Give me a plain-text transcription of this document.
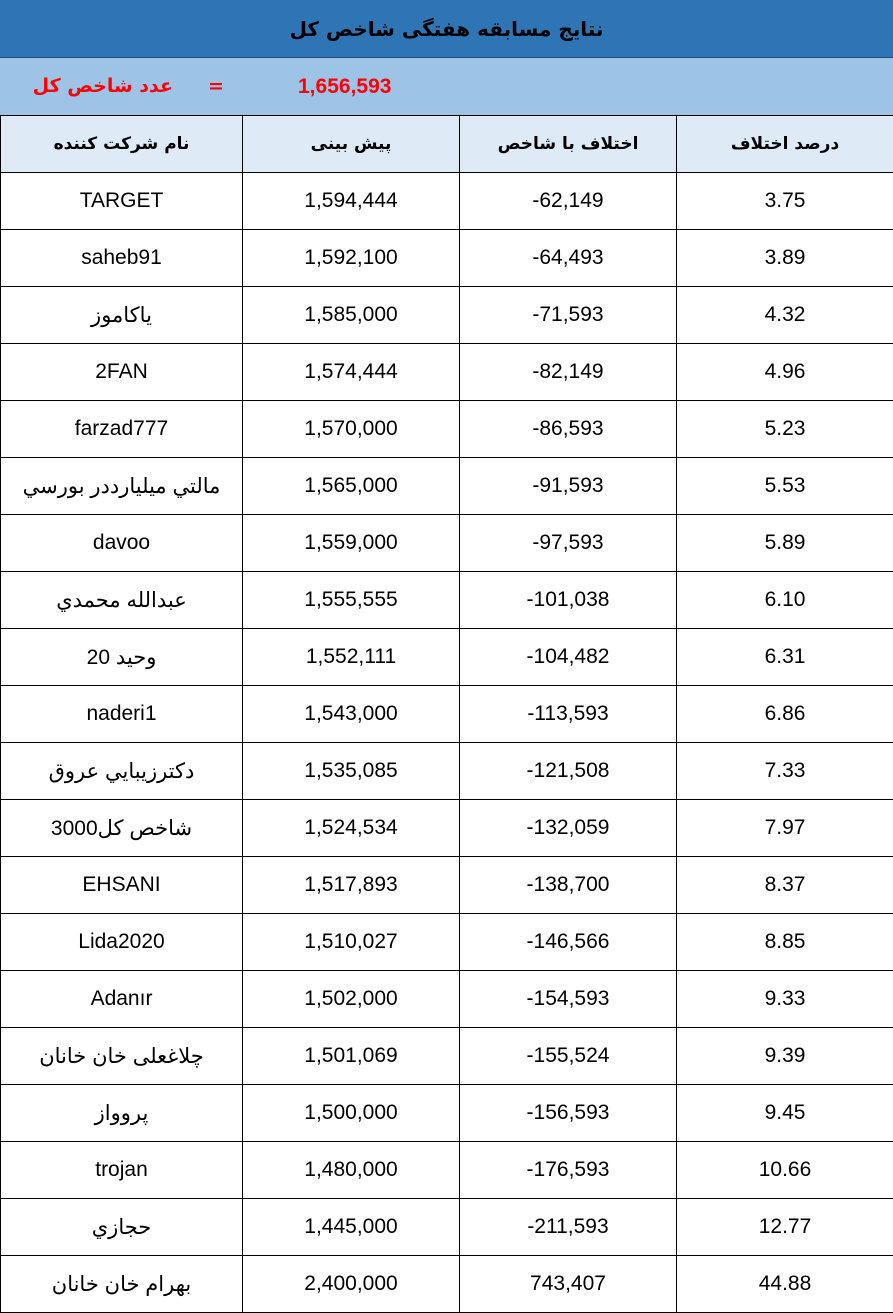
نتایج مسابقه هفتگی شاخص کل
عدد شاخص کل =	1,656,593
نام شرکت کننده	پیش بینی	اختلاف با شاخص	درصد اختلاف
TARGET	1,594,444	-62,149	3.75
saheb91	1,592,100	-64,493	3.89
یاکاموز	1,585,000	-71,593	4.32
2FAN	1,574,444	-82,149	4.96
farzad777	1,570,000	-86,593	5.23
مالتي ميليارددر بورسي	1,565,000	-91,593	5.53
davoo	1,559,000	-97,593	5.89
عبدالله محمدي	1,555,555	-101,038	6.10
وحید 20	1,552,111	-104,482	6.31
naderi1	1,543,000	-113,593	6.86
دكترزيبايي عروق	1,535,085	-121,508	7.33
شاخص کل3000	1,524,534	-132,059	7.97
EHSANI	1,517,893	-138,700	8.37
Lida2020	1,510,027	-146,566	8.85
Adanır	1,502,000	-154,593	9.33
چلاغعلی خان خانان	1,501,069	-155,524	9.39
پروواز	1,500,000	-156,593	9.45
trojan	1,480,000	-176,593	10.66
حجازي	1,445,000	-211,593	12.77
بهرام خان خانان	2,400,000	743,407	44.88
